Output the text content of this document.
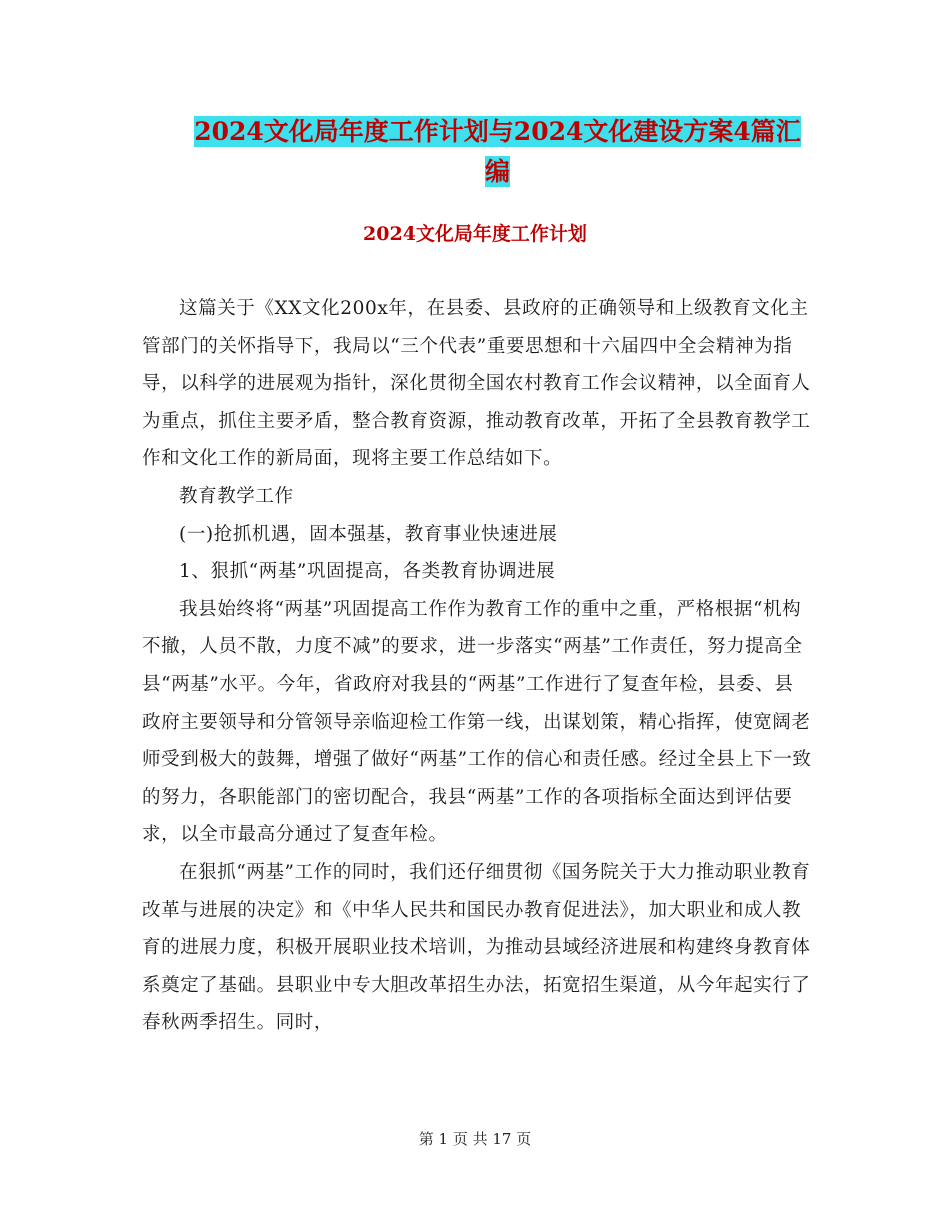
2024文化局年度工作计划与2024文化建设方案4篇汇
编
2024文化局年度工作计划

这篇关于《XX文化200x年，在县委、县政府的正确领导和上级教育文化主管部门的关怀指导下，我局以“三个代表”重要思想和十六届四中全会精神为指导，以科学的进展观为指针，深化贯彻全国农村教育工作会议精神，以全面育人为重点，抓住主要矛盾，整合教育资源，推动教育改革，开拓了全县教育教学工作和文化工作的新局面，现将主要工作总结如下。

教育教学工作

(一)抢抓机遇，固本强基，教育事业快速进展

1、狠抓“两基”巩固提高，各类教育协调进展

我县始终将“两基”巩固提高工作作为教育工作的重中之重，严格根据“机构不撤，人员不散，力度不减”的要求，进一步落实“两基”工作责任，努力提高全县“两基”水平。今年，省政府对我县的“两基”工作进行了复查年检，县委、县政府主要领导和分管领导亲临迎检工作第一线，出谋划策，精心指挥，使宽阔老师受到极大的鼓舞，增强了做好“两基”工作的信心和责任感。经过全县上下一致的努力，各职能部门的密切配合，我县“两基”工作的各项指标全面达到评估要求，以全市最高分通过了复查年检。

在狠抓“两基”工作的同时，我们还仔细贯彻《国务院关于大力推动职业教育改革与进展的决定》和《中华人民共和国民办教育促进法》，加大职业和成人教育的进展力度，积极开展职业技术培训，为推动县域经济进展和构建终身教育体系奠定了基础。县职业中专大胆改革招生办法，拓宽招生渠道，从今年起实行了春秋两季招生。同时，

第 1 页 共 17 页
